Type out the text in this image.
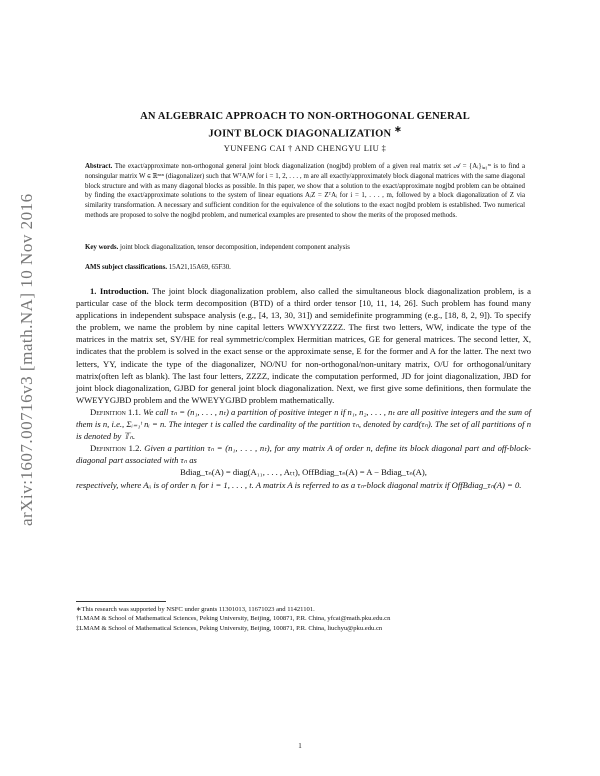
arXiv:1607.00716v3 [math.NA] 10 Nov 2016
AN ALGEBRAIC APPROACH TO NON-ORTHOGONAL GENERAL
JOINT BLOCK DIAGONALIZATION ∗
YUNFENG CAI † AND CHENGYU LIU ‡
Abstract. The exact/approximate non-orthogonal general joint block diagonalization (nogjbd) problem of a given real matrix set 𝒜 = {Aᵢ}ᵢ₌₁ᵐ is to find a nonsingular matrix W ∈ ℝⁿˣⁿ (diagonalizer) such that WᵀAᵢW for i = 1, 2, . . . , m are all exactly/approximately block diagonal matrices with the same diagonal block structure and with as many diagonal blocks as possible. In this paper, we show that a solution to the exact/approximate nogjbd problem can be obtained by finding the exact/approximate solutions to the system of linear equations AᵢZ = ZᵀAᵢ for i = 1, . . . , m, followed by a block diagonalization of Z via similarity transformation. A necessary and sufficient condition for the equivalence of the solutions to the exact nogjbd problem is established. Two numerical methods are proposed to solve the nogjbd problem, and numerical examples are presented to show the merits of the proposed methods.
Key words. joint block diagonalization, tensor decomposition, independent component analysis
AMS subject classifications. 15A21,15A69, 65F30.

1. Introduction. The joint block diagonalization problem, also called the simultaneous block diagonalization problem, is a particular case of the block term decomposition (BTD) of a third order tensor [10, 11, 14, 26]. Such problem has found many applications in independent subspace analysis (e.g., [4, 13, 30, 31]) and semidefinite programming (e.g., [18, 8, 2, 9]). To specify the problem, we name the problem by nine capital letters WWXYYZZZZ. The first two letters, WW, indicate the type of the matrices in the matrix set, SY/HE for real symmetric/complex Hermitian matrices, GE for general matrices. The second letter, X, indicates that the problem is solved in the exact sense or the approximate sense, E for the former and A for the latter. The next two letters, YY, indicate the type of the diagonalizer, NO/NU for non-orthogonal/non-unitary matrix, O/U for orthogonal/unitary matrix(often left as blank). The last four letters, ZZZZ, indicate the computation performed, JD for joint diagonalization, JBD for joint block diagonalization, GJBD for general joint block diagonalization. Next, we first give some definitions, then formulate the WWEYYGJBD problem and the WWEYYGJBD problem mathematically.

Definition 1.1. We call τₙ = (n₁, . . . , nₜ) a partition of positive integer n if n₁, n₂, . . . , nₜ are all positive integers and the sum of them is n, i.e., Σᵢ₌₁ᵗ nᵢ = n. The integer t is called the cardinality of the partition τₙ, denoted by card(τₙ). The set of all partitions of n is denoted by 𝕋ₙ.

Definition 1.2. Given a partition τₙ = (n₁, . . . , nₜ), for any matrix A of order n, define its block diagonal part and off-block-diagonal part associated with τₙ as

Bdiag_τₙ(A) = diag(A₁₁, . . . , Aₜₜ), OffBdiag_τₙ(A) = A − Bdiag_τₙ(A),

respectively, where Aᵢᵢ is of order nᵢ for i = 1, . . . , t. A matrix A is referred to as a τₙ-block diagonal matrix if OffBdiag_τₙ(A) = 0.

∗This research was supported by NSFC under grants 11301013, 11671023 and 11421101.
†LMAM & School of Mathematical Sciences, Peking University, Beijing, 100871, P.R. China, yfcai@math.pku.edu.cn
‡LMAM & School of Mathematical Sciences, Peking University, Beijing, 100871, P.R. China, liuchyu@pku.edu.cn
1
